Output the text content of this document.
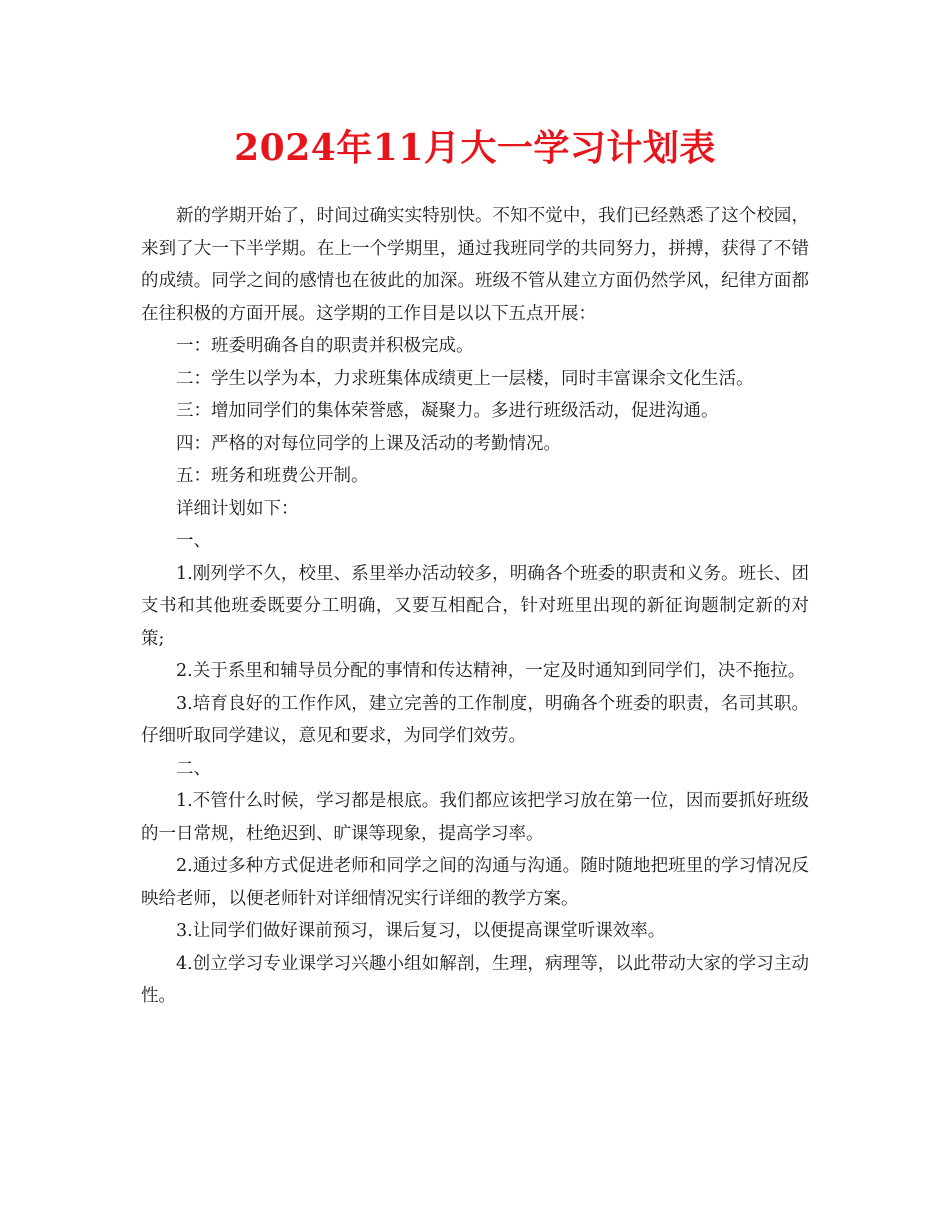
2024年11月大一学习计划表

新的学期开始了，时间过确实实特别快。不知不觉中，我们已经熟悉了这个校园，来到了大一下半学期。在上一个学期里，通过我班同学的共同努力，拼搏，获得了不错的成绩。同学之间的感情也在彼此的加深。班级不管从建立方面仍然学风，纪律方面都在往积极的方面开展。这学期的工作目是以以下五点开展：

一：班委明确各自的职责并积极完成。

二：学生以学为本，力求班集体成绩更上一层楼，同时丰富课余文化生活。

三：增加同学们的集体荣誉感，凝聚力。多进行班级活动，促进沟通。

四：严格的对每位同学的上课及活动的考勤情况。

五：班务和班费公开制。

详细计划如下：

一、

1.刚列学不久，校里、系里举办活动较多，明确各个班委的职责和义务。班长、团支书和其他班委既要分工明确，又要互相配合，针对班里出现的新征询题制定新的对策;

2.关于系里和辅导员分配的事情和传达精神，一定及时通知到同学们，决不拖拉。

3.培育良好的工作作风，建立完善的工作制度，明确各个班委的职责，名司其职。仔细听取同学建议，意见和要求，为同学们效劳。

二、

1.不管什么时候，学习都是根底。我们都应该把学习放在第一位，因而要抓好班级的一日常规，杜绝迟到、旷课等现象，提高学习率。

2.通过多种方式促进老师和同学之间的沟通与沟通。随时随地把班里的学习情况反映给老师，以便老师针对详细情况实行详细的教学方案。

3.让同学们做好课前预习，课后复习，以便提高课堂听课效率。

4.创立学习专业课学习兴趣小组如解剖，生理，病理等，以此带动大家的学习主动性。
